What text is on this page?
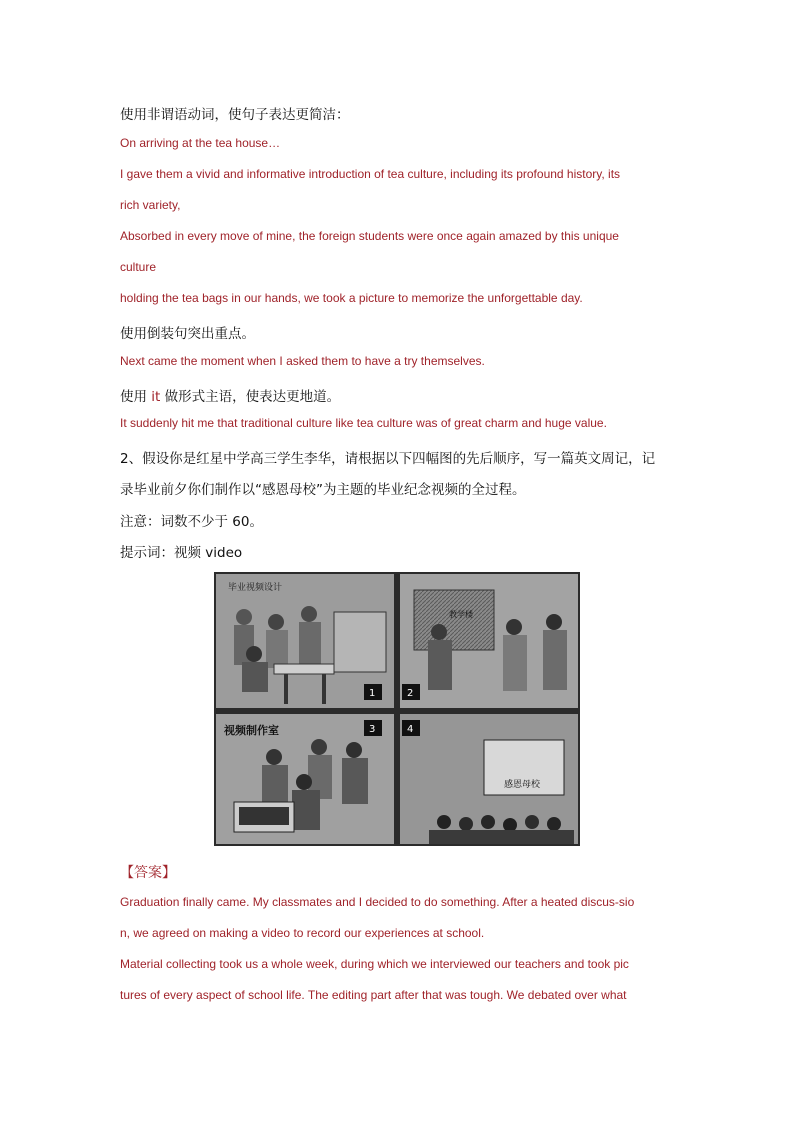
使用非谓语动词，使句子表达更简洁：

On arriving at the tea house…

I gave them a vivid and informative introduction of tea culture, including its profound history, its

rich variety,

Absorbed in every move of mine, the foreign students were once again amazed by this unique

culture

holding the tea bags in our hands, we took a picture to memorize the unforgettable day.

使用倒装句突出重点。

Next came the moment when I asked them to have a try themselves.

使用 it 做形式主语，使表达更地道。

It suddenly hit me that traditional culture like tea culture was of great charm and huge value.

2、假设你是红星中学高三学生李华，请根据以下四幅图的先后顺序，写一篇英文周记，记

录毕业前夕你们制作以“感恩母校”为主题的毕业纪念视频的全过程。

注意：词数不少于 60。

提示词：视频 video

毕业视频设计
1
教学楼
2
视频制作室	3	4
感恩母校

【答案】

Graduation finally came. My classmates and I decided to do something. After a heated discus-sio

n, we agreed on making a video to record our experiences at school.

Material collecting took us a whole week, during which we interviewed our teachers and took pic

tures of every aspect of school life. The editing part after that was tough. We debated over what
